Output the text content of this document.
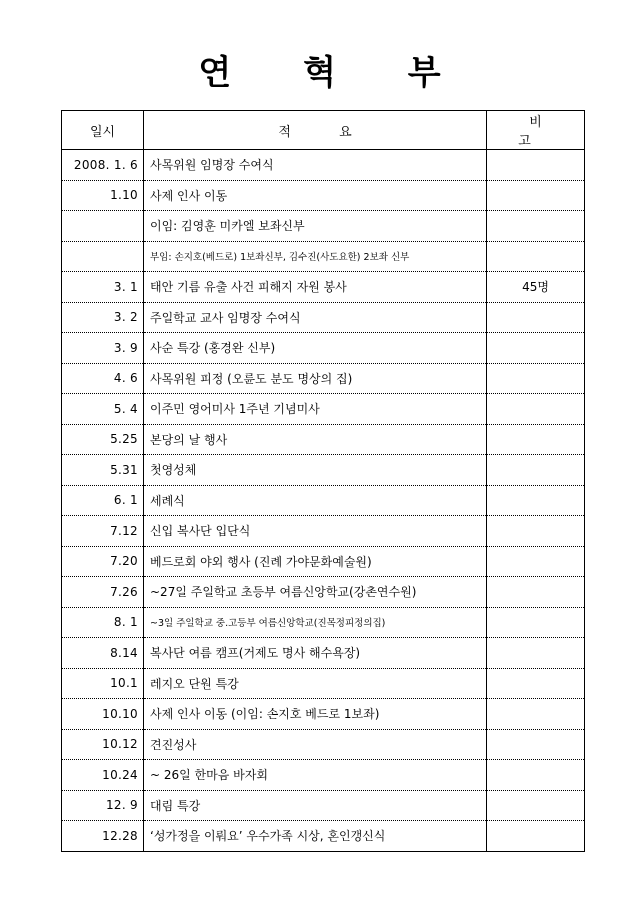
연 혁 부
일시	적 요	비 고
2008. 1. 6	사목위원 임명장 수여식	
1.10	사제 인사 이동	
	이임: 김영훈 미카엘 보좌신부	
	부임: 손지호(베드로) 1보좌신부, 김수진(사도요한) 2보좌 신부	
3. 1	태안 기름 유출 사건 피해지 자원 봉사	45명
3. 2	주일학교 교사 임명장 수여식	
3. 9	사순 특강 (홍경완 신부)	
4. 6	사목위원 피정 (오륜도 분도 명상의 집)	
5. 4	이주민 영어미사 1주년 기념미사	
5.25	본당의 날 행사	
5.31	첫영성체	
6. 1	세례식	
7.12	신입 복사단 입단식	
7.20	베드로회 야외 행사 (진례 가야문화예술원)	
7.26	~27일 주일학교 초등부 여름신앙학교(강촌연수원)	
8. 1	~3일 주일학교 중.고등부 여름신앙학교(진목정피정의집)	
8.14	복사단 여름 캠프(거제도 명사 해수욕장)	
10.1	레지오 단원 특강	
10.10	사제 인사 이동 (이임: 손지호 베드로 1보좌)	
10.12	견진성사	
10.24	~ 26일 한마음 바자회	
12. 9	대림 특강	
12.28	‘성가정을 이뤄요’ 우수가족 시상, 혼인갱신식	
